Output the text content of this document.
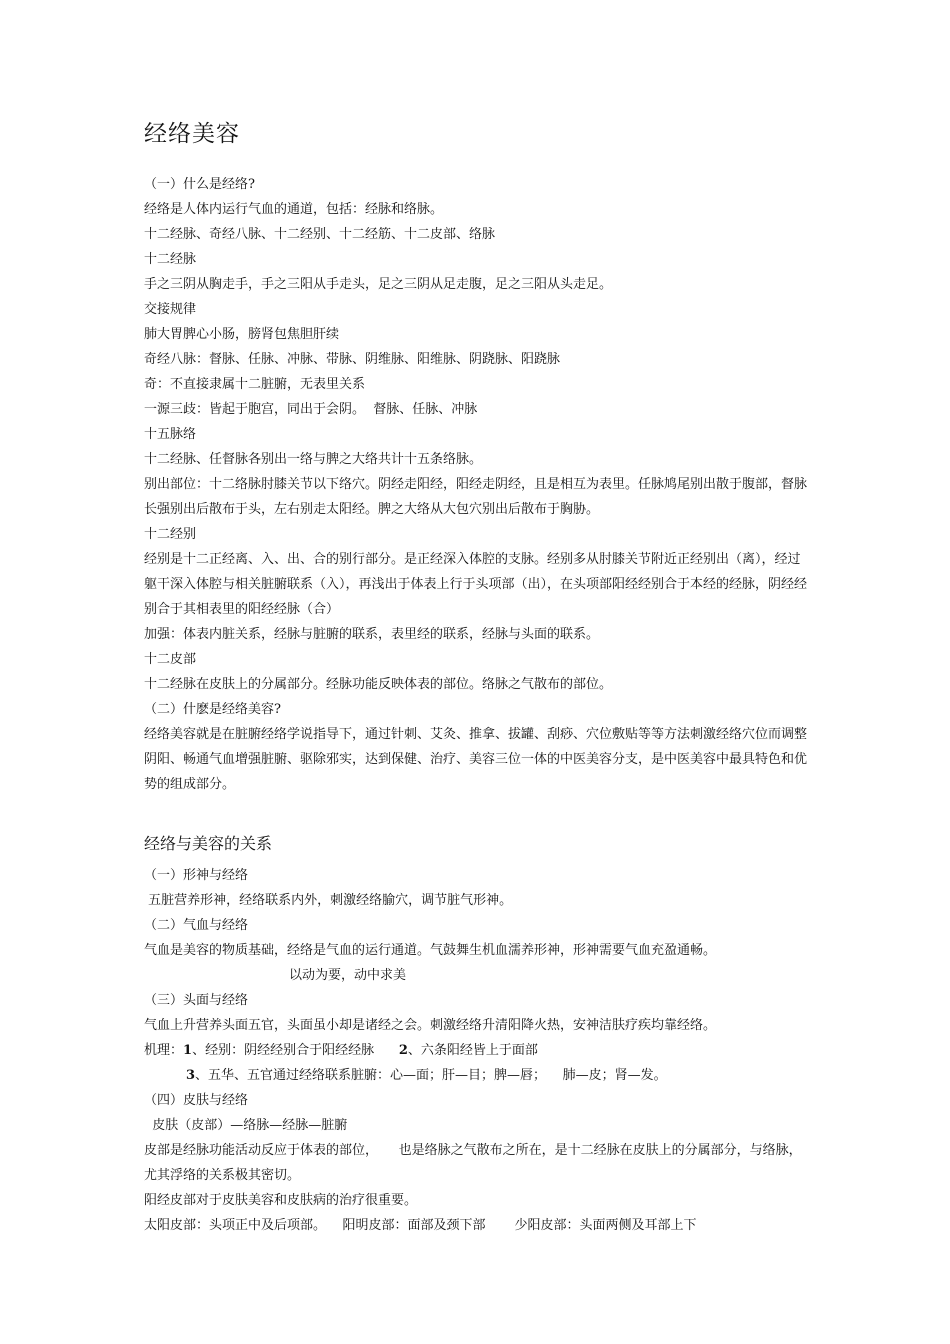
经络美容

（一）什么是经络?

经络是人体内运行气血的通道，包括：经脉和络脉。

十二经脉、奇经八脉、十二经别、十二经筋、十二皮部、络脉

十二经脉

手之三阴从胸走手，手之三阳从手走头，足之三阴从足走腹，足之三阳从头走足。

交接规律

肺大胃脾心小肠，膀肾包焦胆肝续

奇经八脉：督脉、任脉、冲脉、带脉、阴维脉、阳维脉、阴跷脉、阳跷脉

奇：不直接隶属十二脏腑，无表里关系

一源三歧：皆起于胞宫，同出于会阴。  督脉、任脉、冲脉

十五脉络

十二经脉、任督脉各别出一络与脾之大络共计十五条络脉。

别出部位：十二络脉肘膝关节以下络穴。阴经走阳经，阳经走阴经，且是相互为表里。任脉鸠尾别出散于腹部，督脉长强别出后散布于头，左右别走太阳经。脾之大络从大包穴别出后散布于胸胁。

十二经别

经别是十二正经离、入、出、合的别行部分。是正经深入体腔的支脉。经别多从肘膝关节附近正经别出（离），经过躯干深入体腔与相关脏腑联系（入），再浅出于体表上行于头项部（出），在头项部阳经经别合于本经的经脉，阴经经别合于其相表里的阳经经脉（合）

加强：体表内脏关系，经脉与脏腑的联系，表里经的联系，经脉与头面的联系。

十二皮部

十二经脉在皮肤上的分属部分。经脉功能反映体表的部位。络脉之气散布的部位。

（二）什麽是经络美容?

经络美容就是在脏腑经络学说指导下，通过针刺、艾灸、推拿、拔罐、刮痧、穴位敷贴等等方法刺激经络穴位而调整阴阳、畅通气血增强脏腑、驱除邪实，达到保健、治疗、美容三位一体的中医美容分支，是中医美容中最具特色和优势的组成部分。

经络与美容的关系

（一）形神与经络

五脏营养形神，经络联系内外，刺激经络腧穴，调节脏气形神。

（二）气血与经络

气血是美容的物质基础，经络是气血的运行通道。气鼓舞生机血濡养形神，形神需要气血充盈通畅。

以动为要，动中求美

（三）头面与经络

气血上升营养头面五官，头面虽小却是诸经之会。刺激经络升清阳降火热，安神洁肤疗疾均靠经络。

机理：1、经别：阴经经别合于阳经经脉      2、六条阳经皆上于面部

3、五华、五官通过经络联系脏腑：心—面；肝—目；脾—唇；    肺—皮；肾—发。

（四）皮肤与经络

皮肤（皮部）—络脉—经脉—脏腑

皮部是经脉功能活动反应于体表的部位，     也是络脉之气散布之所在，是十二经脉在皮肤上的分属部分，与络脉，尤其浮络的关系极其密切。

阳经皮部对于皮肤美容和皮肤病的治疗很重要。

太阳皮部：头项正中及后项部。    阳明皮部：面部及颈下部       少阳皮部：头面两侧及耳部上下
